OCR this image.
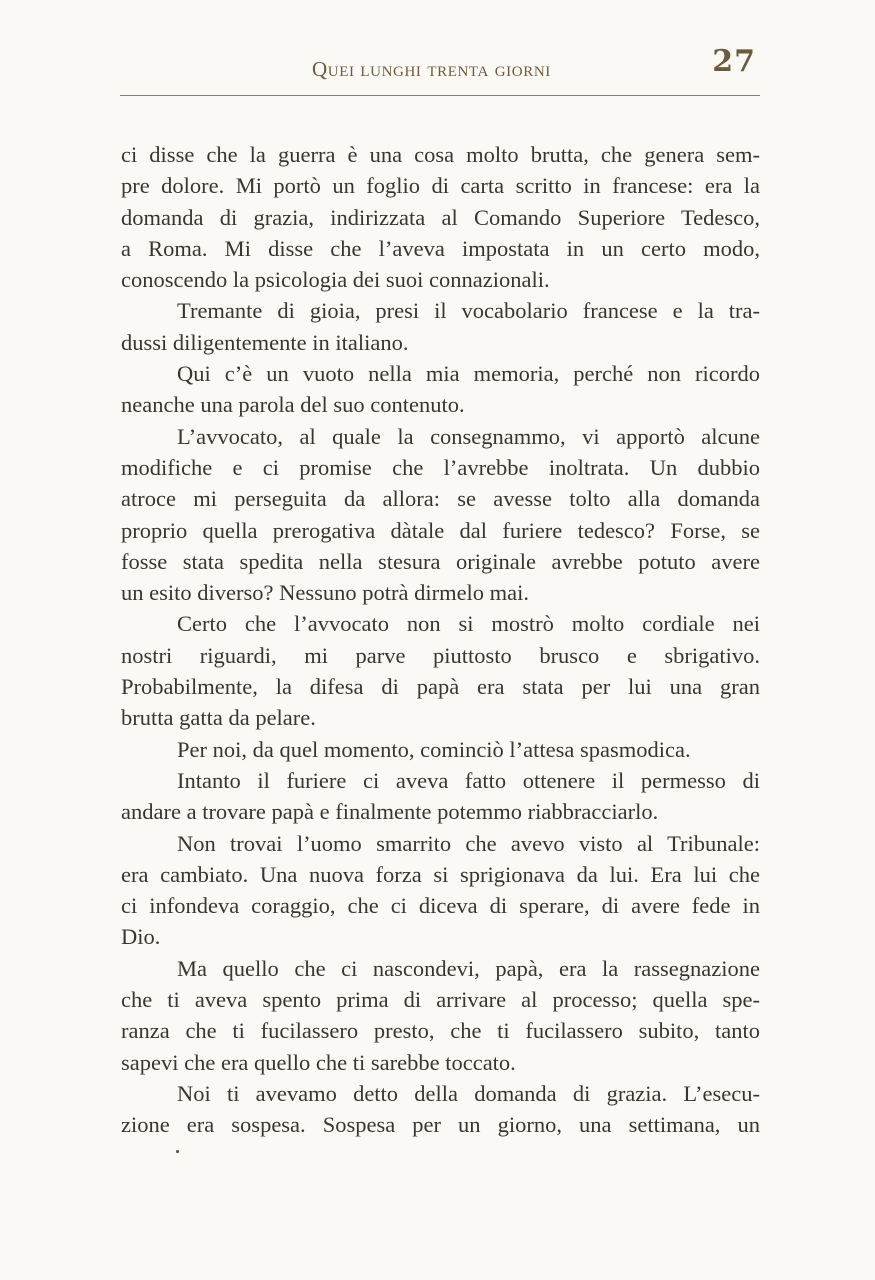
Quei lunghi trenta giorni	27
ci disse che la guerra è una cosa molto brutta, che genera sem-
pre dolore. Mi portò un foglio di carta scritto in francese: era la
domanda di grazia, indirizzata al Comando Superiore Tedesco,
a Roma. Mi disse che l’aveva impostata in un certo modo,
conoscendo la psicologia dei suoi connazionali.
Tremante di gioia, presi il vocabolario francese e la tra-
dussi diligentemente in italiano.
Qui c’è un vuoto nella mia memoria, perché non ricordo
neanche una parola del suo contenuto.
L’avvocato, al quale la consegnammo, vi apportò alcune
modifiche e ci promise che l’avrebbe inoltrata. Un dubbio
atroce mi perseguita da allora: se avesse tolto alla domanda
proprio quella prerogativa dàtale dal furiere tedesco? Forse, se
fosse stata spedita nella stesura originale avrebbe potuto avere
un esito diverso? Nessuno potrà dirmelo mai.
Certo che l’avvocato non si mostrò molto cordiale nei
nostri riguardi, mi parve piuttosto brusco e sbrigativo.
Probabilmente, la difesa di papà era stata per lui una gran
brutta gatta da pelare.
Per noi, da quel momento, cominciò l’attesa spasmodica.
Intanto il furiere ci aveva fatto ottenere il permesso di
andare a trovare papà e finalmente potemmo riabbracciarlo.
Non trovai l’uomo smarrito che avevo visto al Tribunale:
era cambiato. Una nuova forza si sprigionava da lui. Era lui che
ci infondeva coraggio, che ci diceva di sperare, di avere fede in
Dio.
Ma quello che ci nascondevi, papà, era la rassegnazione
che ti aveva spento prima di arrivare al processo; quella spe-
ranza che ti fucilassero presto, che ti fucilassero subito, tanto
sapevi che era quello che ti sarebbe toccato.
Noi ti avevamo detto della domanda di grazia. L’esecu-
zione era sospesa. Sospesa per un giorno, una settimana, un
